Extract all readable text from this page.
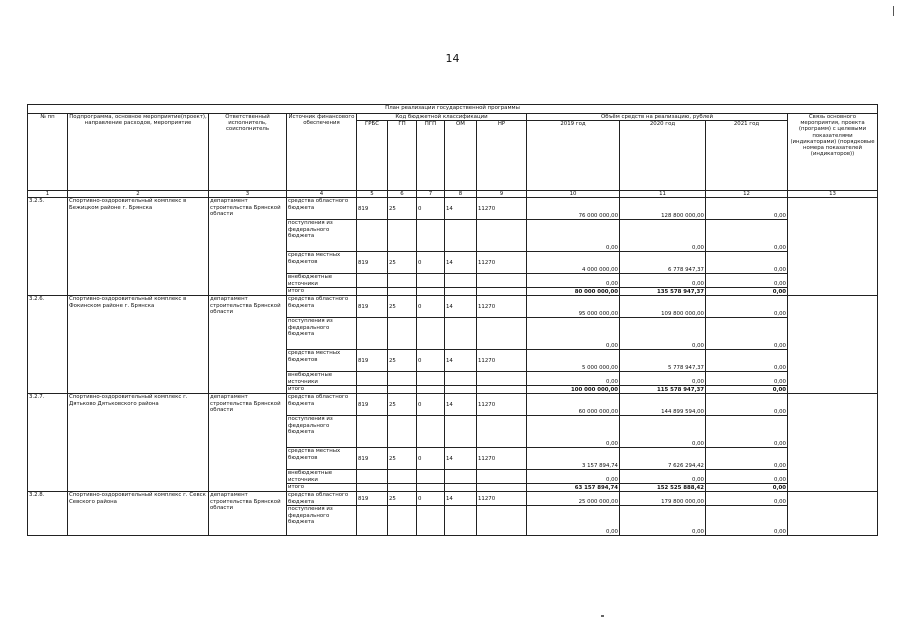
14
План реализации государственной программы												
№ пп	Подпрограмма, основное мероприятие(проект), направление расходов, мероприятие	Ответственный исполнитель, соисполнитель	Источник финансового обеспечения	Код бюджетной классификации					Объём средств на реализацию, рублей			Связь основного мероприятия, проекта (программ) с целевыми показателями (индикаторами) (порядковые номера показателей (индикаторов))
				ГРБС	ГП	ПГП	ОМ	НР	2019 год	2020 год	2021 год	

1	2	3	4	5	6	7	8	9	10	11	12	13
3.2.5.	Спортивно-оздоровительный комплекс в Бежицком районе г. Брянска	департамент строительства Брянской области	средства областного бюджета	819	25	0	14	11270	76 000 000,00	128 800 000,00	0,00	
			поступления из федерального бюджета						0,00	0,00	0,00	
			средства местных бюджетов	819	25	0	14	11270	4 000 000,00	6 778 947,37	0,00	
			внебюджетные источники						0,00	0,00	0,00	
			итого						80 000 000,00	135 578 947,37	0,00	
3.2.6.	Спортивно-оздоровительный комплекс в Фокинском районе г. Брянска	департамент строительства Брянской области	средства областного бюджета	819	25	0	14	11270	95 000 000,00	109 800 000,00	0,00	
			поступления из федерального бюджета						0,00	0,00	0,00	
			средства местных бюджетов	819	25	0	14	11270	5 000 000,00	5 778 947,37	0,00	
			внебюджетные источники						0,00	0,00	0,00	
			итого						100 000 000,00	115 578 947,37	0,00	
3.2.7.	Спортивно-оздоровительный комплекс г. Дятьково Дятьковского района	департамент строительства Брянской области	средства областного бюджета	819	25	0	14	11270	60 000 000,00	144 899 594,00	0,00	
			поступления из федерального бюджета						0,00	0,00	0,00	
			средства местных бюджетов	819	25	0	14	11270	3 157 894,74	7 626 294,42	0,00	
			внебюджетные источники						0,00	0,00	0,00	
			итого						63 157 894,74	152 525 888,42	0,00	
3.2.8.	Спортивно-оздоровительный комплекс г. Севск Севского района	департамент строительства Брянской области	средства областного бюджета	819	25	0	14	11270	25 000 000,00	179 800 000,00	0,00	
			поступления из федерального бюджета						0,00	0,00	0,00	
